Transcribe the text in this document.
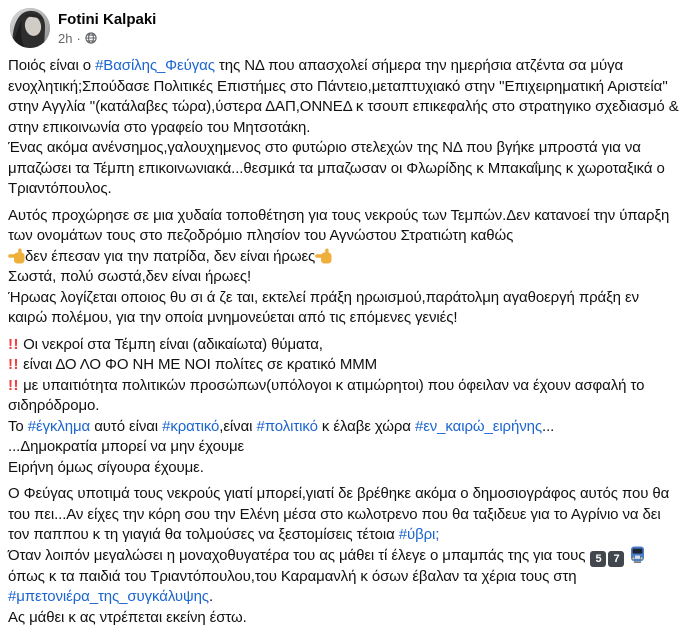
Fotini Kalpaki
2h ·
Ποιός είναι ο #Βασίλης_Φεύγας της ΝΔ που απασχολεί σήμερα την ημερήσια ατζέντα σα μύγα ενοχλητική;Σπούδασε Πολιτικές Επιστήμες στο Πάντειο,μεταπτυχιακό στην ''Επιχειρηματική Αριστεία'' στην Αγγλία ''(κατάλαβες τώρα),ύστερα ΔΑΠ,ΟΝΝΕΔ κ τσουπ επικεφαλής στο στρατηγικο σχεδιασμό & στην επικοινωνία στο γραφείο του Μητσοτάκη.
Ένας ακόμα ανένσημος,γαλουχημενος στο φυτώριο στελεχών της ΝΔ που βγήκε μπροστά για να μπαζώσει τα Τέμπη επικοινωνιακά...θεσμικά τα μπαζωσαν οι Φλωρίδης κ Μπακαΐμης κ χωροταξικά ο Τριαντόπουλος.
Αυτός προχώρησε σε μια χυδαία τοποθέτηση για τους νεκρούς των Τεμπών.Δεν κατανοεί την ύπαρξη των ονομάτων τους στο πεζοδρόμιο πλησίον του Αγνώστου Στρατιώτη καθώς
δεν έπεσαν για την πατρίδα, δεν είναι ήρωες
Σωστά, πολύ σωστά,δεν είναι ήρωες!
Ήρωας λογίζεται οποιος θυ σι ά ζε ται, εκτελεί πράξη ηρωισμού,παράτολμη αγαθοεργή πράξη εν καιρώ πολέμου, για την οποία μνημονεύεται από τις επόμενες γενιές!
!! Οι νεκροί στα Τέμπη είναι (αδικαίωτα) θύματα,
!! είναι ΔΟ ΛΟ ΦΟ ΝΗ ΜΕ ΝΟΙ πολίτες σε κρατικό ΜΜΜ
!! με υπαιτιότητα πολιτικών προσώπων(υπόλογοι κ ατιμώρητοι) που όφειλαν να έχουν ασφαλή το σιδηρόδρομο.
Το #έγκλημα αυτό είναι #κρατικό,είναι #πολιτικό κ έλαβε χώρα #εν_καιρώ_ειρήνης...
...Δημοκρατία μπορεί να μην έχουμε
Ειρήνη όμως σίγουρα έχουμε.
Ο Φεύγας υποτιμά τους νεκρούς γιατί μπορεί,γιατί δε βρέθηκε ακόμα ο δημοσιογράφος αυτός που θα του πει...Αν είχες την κόρη σου την Ελένη μέσα στο κωλοτρενο που θα ταξιδευε για το Αγρίνιο να δει τον παππου κ τη γιαγιά θα τολμούσες να ξεστομίσεις τέτοια #ύβρι;
Όταν λοιπόν μεγαλώσει η μοναχοθυγατέρα του ας μάθει τί έλεγε ο μπαμπάς της για τους 5 7
όπως κ τα παιδιά του Τριαντόπουλου,του Καραμανλή κ όσων έβαλαν τα χέρια τους στη #μπετονιέρα_της_συγκάλυψης.
Ας μάθει κ ας ντρέπεται εκείνη έστω.
